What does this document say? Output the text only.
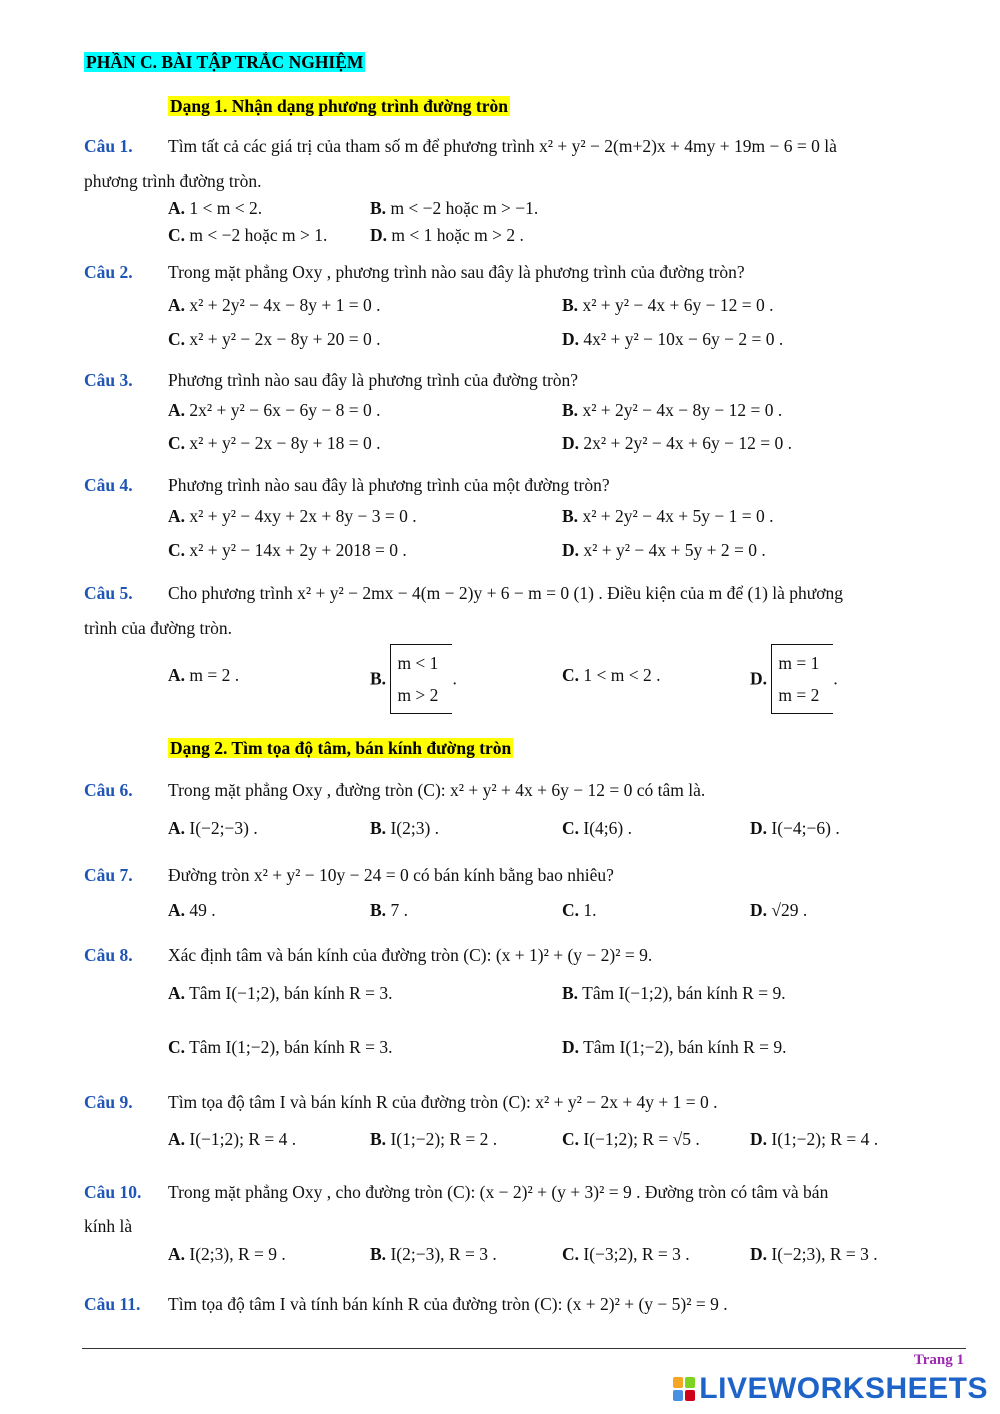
PHẦN C. BÀI TẬP TRẮC NGHIỆM
Dạng 1. Nhận dạng phương trình đường tròn
Câu 1. Tìm tất cả các giá trị của tham số m để phương trình x² + y² − 2(m+2)x + 4my + 19m − 6 = 0 là
phương trình đường tròn.
A. 1 < m < 2.	B. m < −2 hoặc m > −1.
C. m < −2 hoặc m > 1. D. m < 1 hoặc m > 2 .
Câu 2. Trong mặt phẳng Oxy , phương trình nào sau đây là phương trình của đường tròn?
A. x² + 2y² − 4x − 8y + 1 = 0 .	B. x² + y² − 4x + 6y − 12 = 0 .
C. x² + y² − 2x − 8y + 20 = 0 .	D. 4x² + y² − 10x − 6y − 2 = 0 .
Câu 3. Phương trình nào sau đây là phương trình của đường tròn?
A. 2x² + y² − 6x − 6y − 8 = 0 .	B. x² + 2y² − 4x − 8y − 12 = 0 .
C. x² + y² − 2x − 8y + 18 = 0 .	D. 2x² + 2y² − 4x + 6y − 12 = 0 .
Câu 4. Phương trình nào sau đây là phương trình của một đường tròn?
A. x² + y² − 4xy + 2x + 8y − 3 = 0 .	B. x² + 2y² − 4x + 5y − 1 = 0 .
C. x² + y² − 14x + 2y + 2018 = 0 .	D. x² + y² − 4x + 5y + 2 = 0 .
Câu 5. Cho phương trình x² + y² − 2mx − 4(m − 2)y + 6 − m = 0 (1) . Điều kiện của m để (1) là phương
trình của đường tròn.
A. m = 2 .	B. m < 1
m > 2.	C. 1 < m < 2 .	D. m = 1
m = 2.
Dạng 2. Tìm tọa độ tâm, bán kính đường tròn
Câu 6. Trong mặt phẳng Oxy , đường tròn (C): x² + y² + 4x + 6y − 12 = 0 có tâm là.
A. I(−2;−3) .	B. I(2;3) .	C. I(4;6) .	D. I(−4;−6) .
Câu 7. Đường tròn x² + y² − 10y − 24 = 0 có bán kính bằng bao nhiêu?
A. 49 .	B. 7 .	C. 1.	D. √29 .
Câu 8. Xác định tâm và bán kính của đường tròn (C): (x + 1)² + (y − 2)² = 9.
A. Tâm I(−1;2), bán kính R = 3.	B. Tâm I(−1;2), bán kính R = 9.
C. Tâm I(1;−2), bán kính R = 3.	D. Tâm I(1;−2), bán kính R = 9.
Câu 9. Tìm tọa độ tâm I và bán kính R của đường tròn (C): x² + y² − 2x + 4y + 1 = 0 .
A. I(−1;2); R = 4 .	B. I(1;−2); R = 2 .	C. I(−1;2); R = √5 .	D. I(1;−2); R = 4 .
Câu 10. Trong mặt phẳng Oxy , cho đường tròn (C): (x − 2)² + (y + 3)² = 9 . Đường tròn có tâm và bán
kính là
A. I(2;3), R = 9 .	B. I(2;−3), R = 3 .	C. I(−3;2), R = 3 .	D. I(−2;3), R = 3 .
Câu 11. Tìm tọa độ tâm I và tính bán kính R của đường tròn (C): (x + 2)² + (y − 5)² = 9 .
Trang 1
LIVEWORKSHEETS
